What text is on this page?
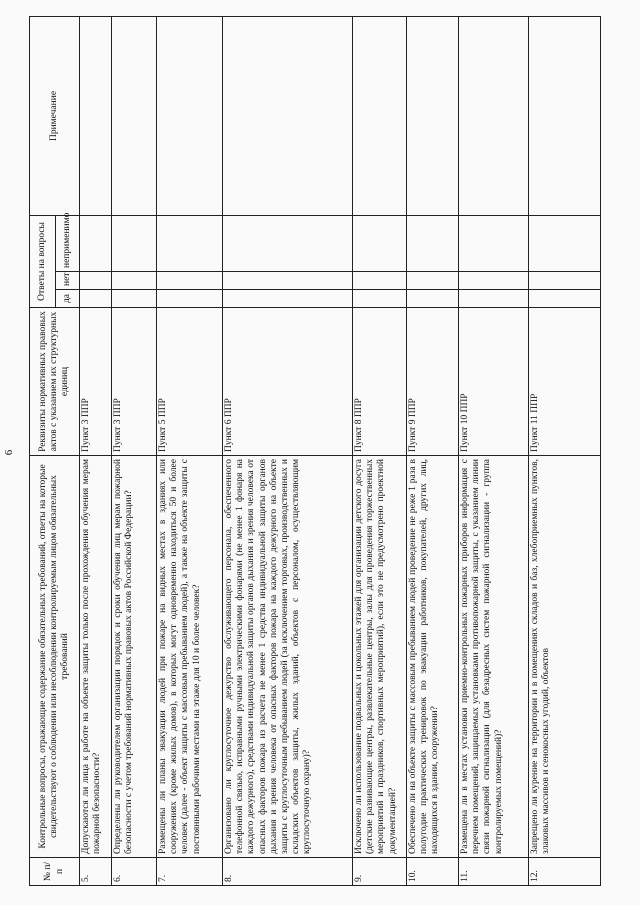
6
№ п/п	Контрольные вопросы, отражающие содержание обязательных требований, ответы на которые свидетельствуют о соблюдении или несоблюдении контролируемым лицом обязательных требований	Реквизиты нормативных правовых актов с указанием их структурных единиц	Ответы на вопросы			Примечание
			да	нет	неприменимо	
5.	Допускаются ли лица к работе на объекте защиты только после прохождения обучения мерам пожарной безопасности?	Пункт 3 ППР				
6.	Определены ли руководителем организации порядок и сроки обучения лиц мерам пожарной безопасности с учетом требований нормативных правовых актов Российской Федерации?	Пункт 3 ППР				
7.	Размещены ли планы эвакуации людей при пожаре на видных местах в зданиях или сооружениях (кроме жилых домов), в которых могут одновременно находиться 50 и более человек (далее - объект защиты с массовым пребыванием людей), а также на объекте защиты с постоянными рабочими местами на этаже для 10 и более человек?	Пункт 5 ППР				
8.	Организовано ли круглосуточное дежурство обслуживающего персонала, обеспеченного телефонной связью, исправными ручными электрическими фонарями (не менее 1 фонаря на каждого дежурного), средствами индивидуальной защиты органов дыхания и зрения человека от опасных факторов пожара из расчета не менее 1 средства индивидуальной защиты органов дыхания и зрения человека от опасных факторов пожара на каждого дежурного на объекте защиты с круглосуточным пребыванием людей (за исключением торговых, производственных и складских объектов защиты, жилых зданий, объектов с персоналом, осуществляющим круглосуточную охрану)?	Пункт 6 ППР				
9.	Исключено ли использование подвальных и цокольных этажей для организации детского досуга (детские развивающие центры, развлекательные центры, залы для проведения торжественных мероприятий и праздников, спортивных мероприятий), если это не предусмотрено проектной документацией?	Пункт 8 ППР				
10.	Обеспечено ли на объекте защиты с массовым пребыванием людей проведение не реже 1 раза в полугодие практических тренировок по эвакуации работников, покупателей, других лиц, находящихся в здании, сооружении?	Пункт 9 ППР				
11.	Размещена ли в местах установки приемно-контрольных пожарных приборов информация с перечнем помещений, защищаемых установками противопожарной защиты, с указанием линии связи пожарной сигнализации (для безадресных систем пожарной сигнализации - группа контролируемых помещений)?	Пункт 10 ППР				
12.	Запрещено ли курение на территории и в помещениях складов и баз, хлебоприемных пунктов, злаковых массивов и сенокосных угодий, объектов	Пункт 11 ППР				
